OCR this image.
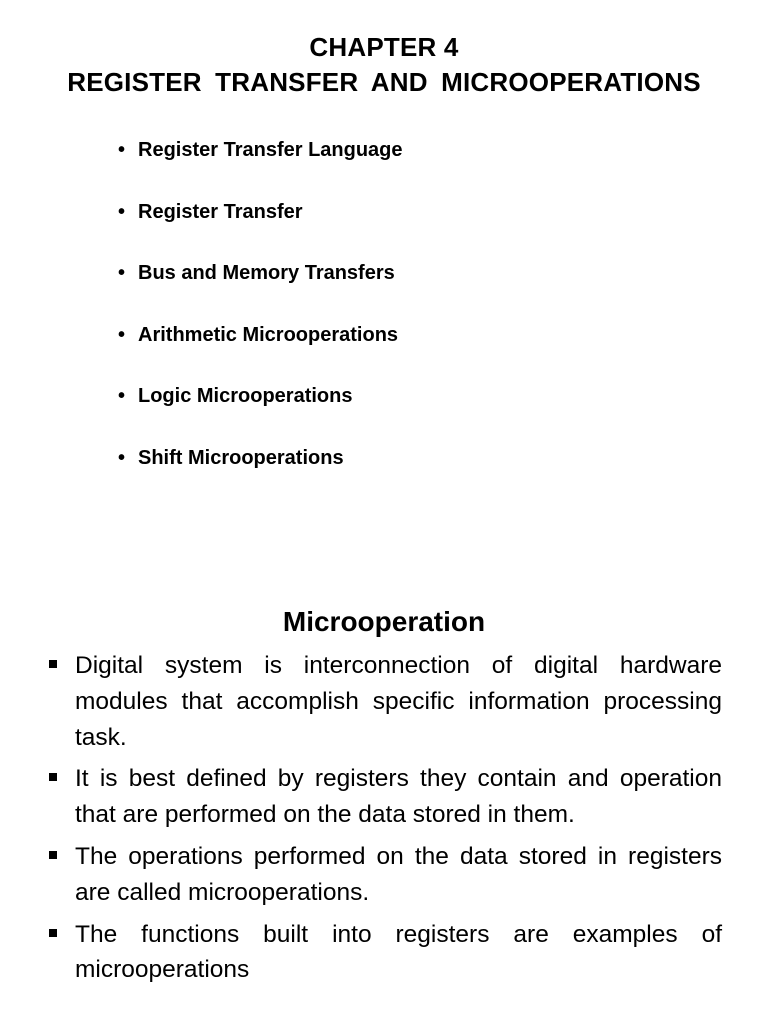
CHAPTER 4
REGISTER TRANSFER AND MICROOPERATIONS
• Register Transfer Language
• Register Transfer
• Bus and Memory Transfers
• Arithmetic Microoperations
• Logic Microoperations
• Shift Microoperations
Microoperation
Digital system is interconnection of digital hardware modules that accomplish specific information processing task.
It is best defined by registers they contain and operation that are performed on the data stored in them.
The operations performed on the data stored in registers are called microoperations.
The functions built into registers are examples of microoperations
